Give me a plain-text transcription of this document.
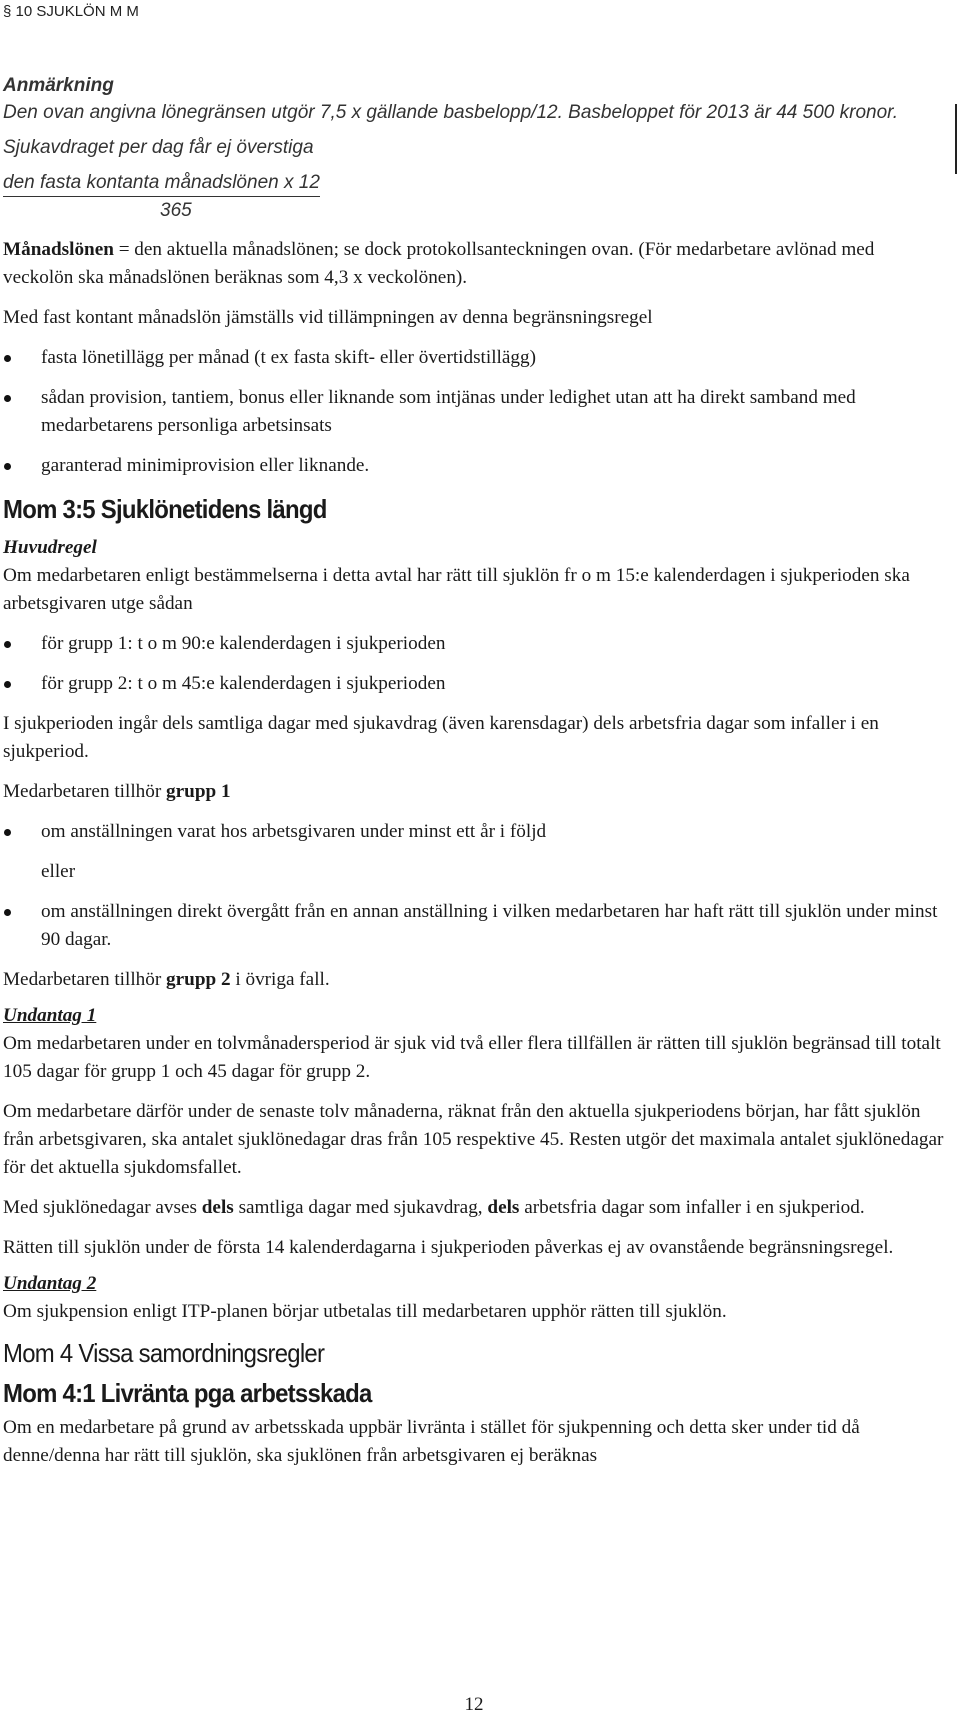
§ 10 SJUKLÖN M M

Anmärkning

Den ovan angivna lönegränsen utgör 7,5 x gällande basbelopp/12. Basbeloppet för 2013 är 44 500 kronor.

Sjukavdraget per dag får ej överstiga

den fasta kontanta månadslönen x 12
365

Månadslönen = den aktuella månadslönen; se dock protokollsanteckningen ovan. (För medarbetare avlönad med veckolön ska månadslönen beräknas som 4,3 x veckolönen).

Med fast kontant månadslön jämställs vid tillämpningen av denna begränsningsregel

fasta lönetillägg per månad (t ex fasta skift- eller övertidstillägg)
sådan provision, tantiem, bonus eller liknande som intjänas under ledighet utan att ha direkt samband med medarbetarens personliga arbetsinsats
garanterad minimiprovision eller liknande.
Mom 3:5 Sjuklönetidens längd
Huvudregel

Om medarbetaren enligt bestämmelserna i detta avtal har rätt till sjuklön fr o m 15:e kalenderdagen i sjukperioden ska arbetsgivaren utge sådan

för grupp 1: t o m 90:e kalenderdagen i sjukperioden
för grupp 2: t o m 45:e kalenderdagen i sjukperioden

I sjukperioden ingår dels samtliga dagar med sjukavdrag (även karensdagar) dels arbetsfria dagar som infaller i en sjukperiod.

Medarbetaren tillhör grupp 1

om anställningen varat hos arbetsgivaren under minst ett år i följd
eller
om anställningen direkt övergått från en annan anställning i vilken medarbetaren har haft rätt till sjuklön under minst 90 dagar.

Medarbetaren tillhör grupp 2 i övriga fall.

Undantag 1

Om medarbetaren under en tolvmånadersperiod är sjuk vid två eller flera tillfällen är rätten till sjuklön begränsad till totalt 105 dagar för grupp 1 och 45 dagar för grupp 2.

Om medarbetare därför under de senaste tolv månaderna, räknat från den aktuella sjukperiodens början, har fått sjuklön från arbetsgivaren, ska antalet sjuklönedagar dras från 105 respektive 45. Resten utgör det maximala antalet sjuklönedagar för det aktuella sjukdomsfallet.

Med sjuklönedagar avses dels samtliga dagar med sjukavdrag, dels arbetsfria dagar som infaller i en sjukperiod.

Rätten till sjuklön under de första 14 kalenderdagarna i sjukperioden påverkas ej av ovanstående begränsningsregel.

Undantag 2

Om sjukpension enligt ITP-planen börjar utbetalas till medarbetaren upphör rätten till sjuklön.

Mom 4 Vissa samordningsregler
Mom 4:1 Livränta pga arbetsskada

Om en medarbetare på grund av arbetsskada uppbär livränta i stället för sjukpenning och detta sker under tid då denne/denna har rätt till sjuklön, ska sjuklönen från arbetsgivaren ej beräknas

12
